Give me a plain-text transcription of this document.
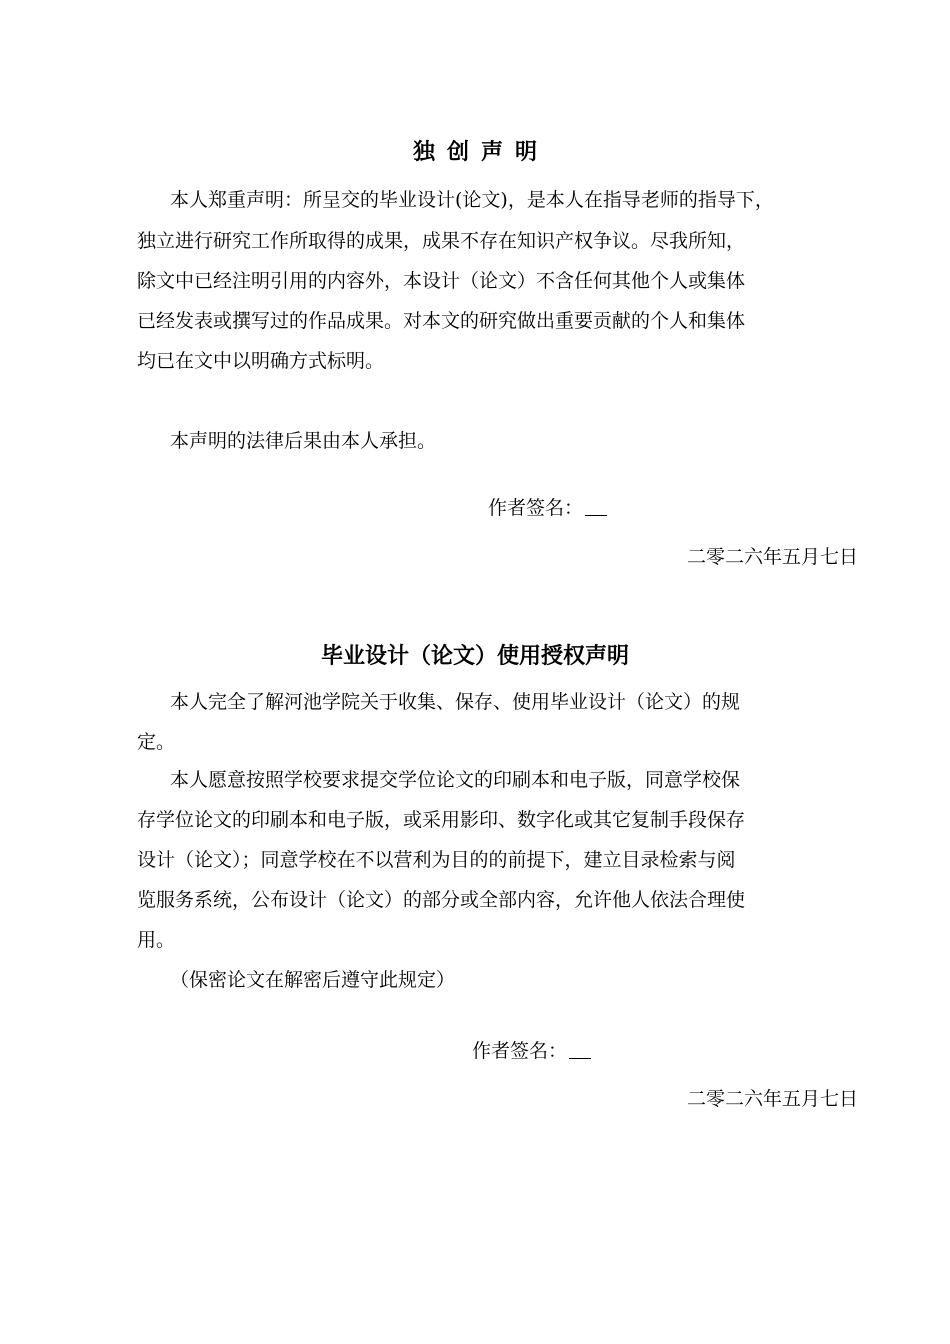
独创声明
本人郑重声明：所呈交的毕业设计(论文)，是本人在指导老师的指导下，
独立进行研究工作所取得的成果，成果不存在知识产权争议。尽我所知，
除文中已经注明引用的内容外，本设计（论文）不含任何其他个人或集体
已经发表或撰写过的作品成果。对本文的研究做出重要贡献的个人和集体
均已在文中以明确方式标明。
本声明的法律后果由本人承担。
作者签名：
二零二六年五月七日
毕业设计（论文）使用授权声明
本人完全了解河池学院关于收集、保存、使用毕业设计（论文）的规
定。
本人愿意按照学校要求提交学位论文的印刷本和电子版，同意学校保
存学位论文的印刷本和电子版，或采用影印、数字化或其它复制手段保存
设计（论文）；同意学校在不以营利为目的的前提下，建立目录检索与阅
览服务系统，公布设计（论文）的部分或全部内容，允许他人依法合理使
用。
（保密论文在解密后遵守此规定）
作者签名：
二零二六年五月七日
